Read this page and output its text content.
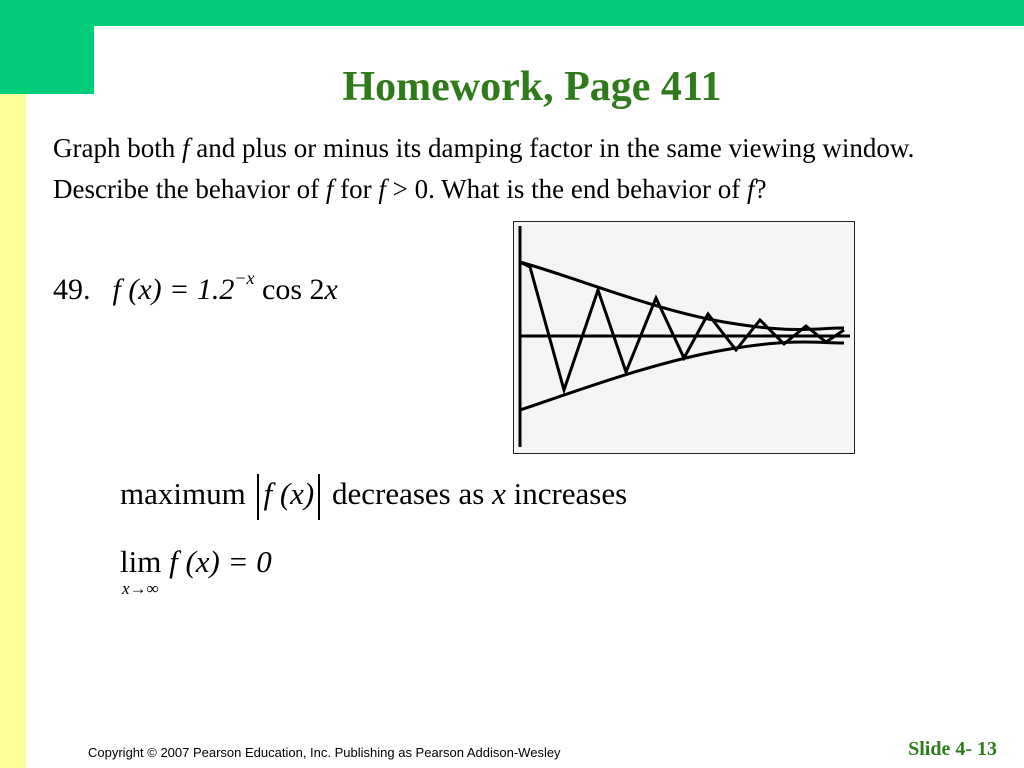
Homework, Page 411
Graph both f and plus or minus its damping factor in the same viewing window. Describe the behavior of f for f > 0. What is the end behavior of f?
49. f $(x) = 1.2^{-x}$ cos 2x
maximum f (x) decreases as x increases
lim f (x) = 0
x→∞
Copyright © 2007 Pearson Education, Inc. Publishing as Pearson Addison-Wesley	Slide 4- 13
